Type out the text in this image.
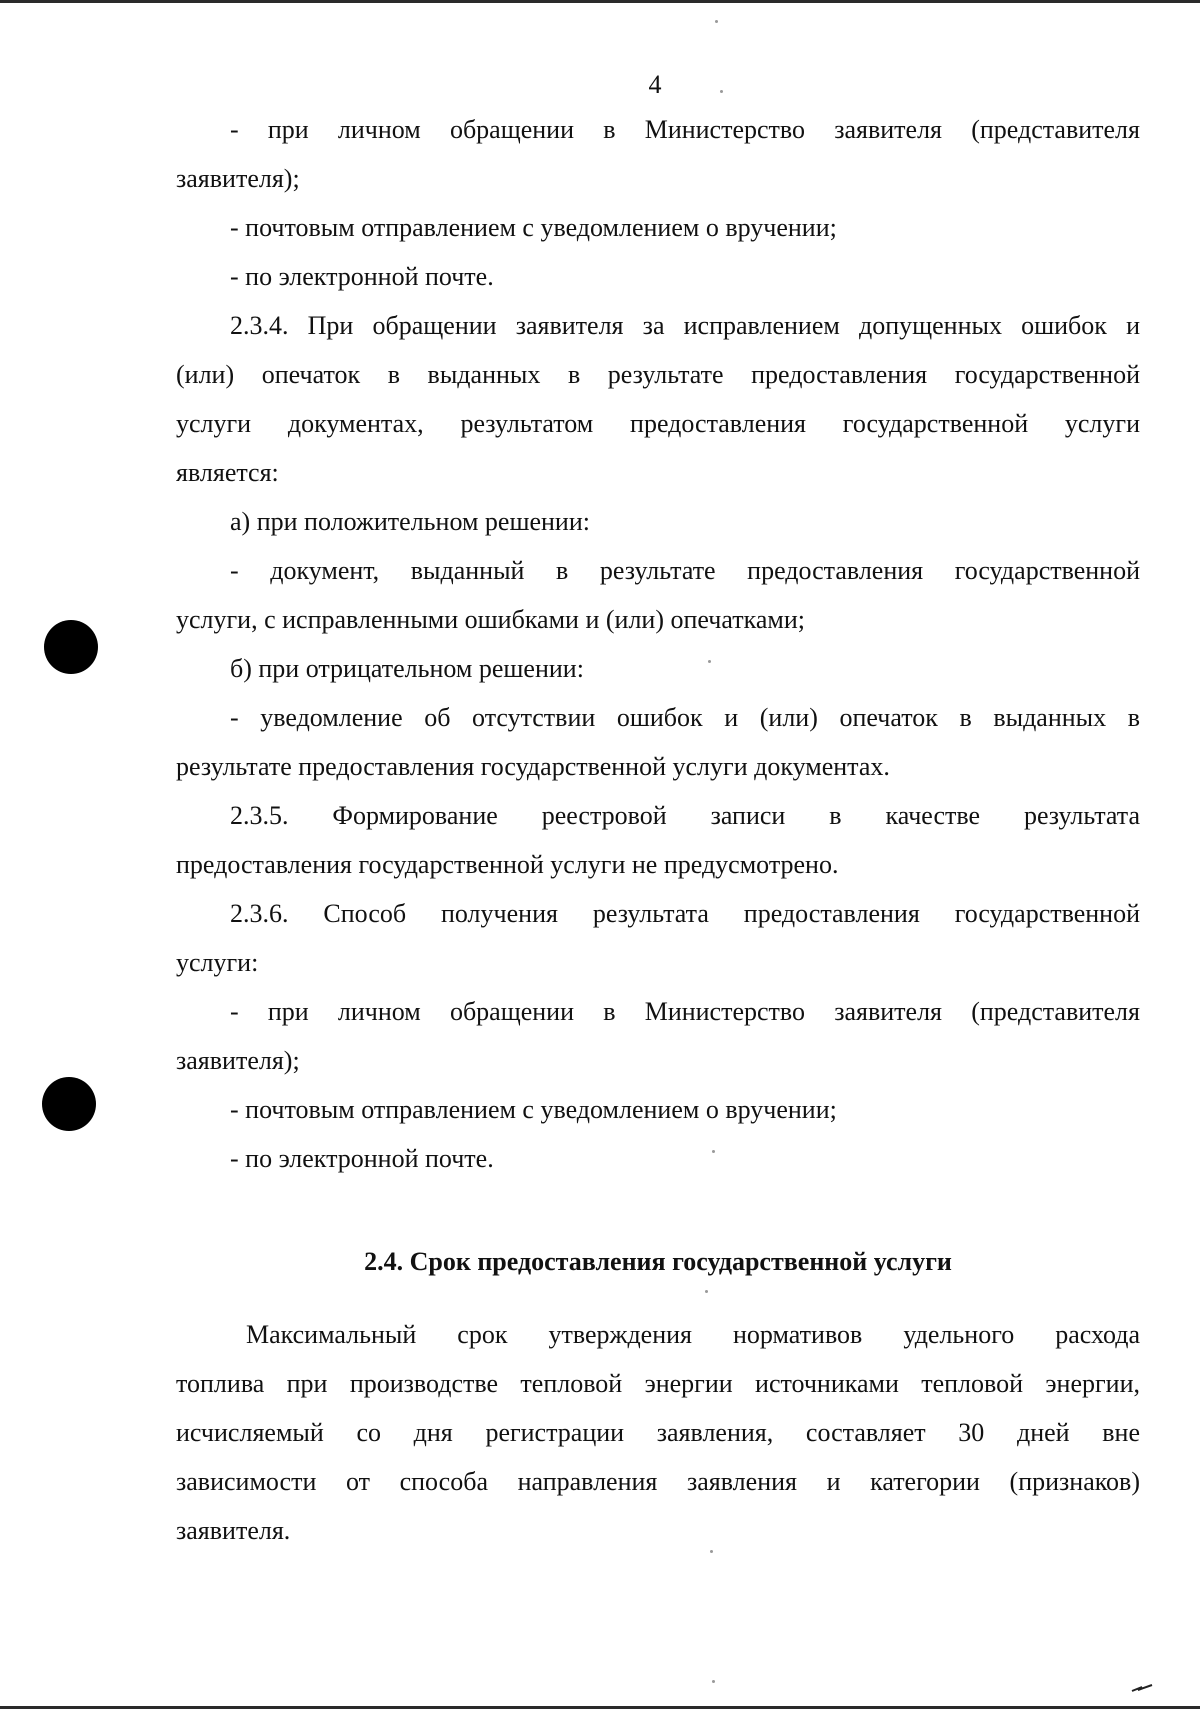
4
- при личном обращении в Министерство заявителя (представителя
заявителя);
- почтовым отправлением с уведомлением о вручении;
- по электронной почте.
2.3.4. При обращении заявителя за исправлением допущенных ошибок и
(или) опечаток в выданных в результате предоставления государственной
услуги документах, результатом предоставления государственной услуги
является:
а) при положительном решении:
- документ, выданный в результате предоставления государственной
услуги, с исправленными ошибками и (или) опечатками;
б) при отрицательном решении:
- уведомление об отсутствии ошибок и (или) опечаток в выданных в
результате предоставления государственной услуги документах.
2.3.5. Формирование реестровой записи в качестве результата
предоставления государственной услуги не предусмотрено.
2.3.6. Способ получения результата предоставления государственной
услуги:
- при личном обращении в Министерство заявителя (представителя
заявителя);
- почтовым отправлением с уведомлением о вручении;
- по электронной почте.
2.4. Срок предоставления государственной услуги
Максимальный срок утверждения нормативов удельного расхода
топлива при производстве тепловой энергии источниками тепловой энергии,
исчисляемый со дня регистрации заявления, составляет 30 дней вне
зависимости от способа направления заявления и категории (признаков)
заявителя.
